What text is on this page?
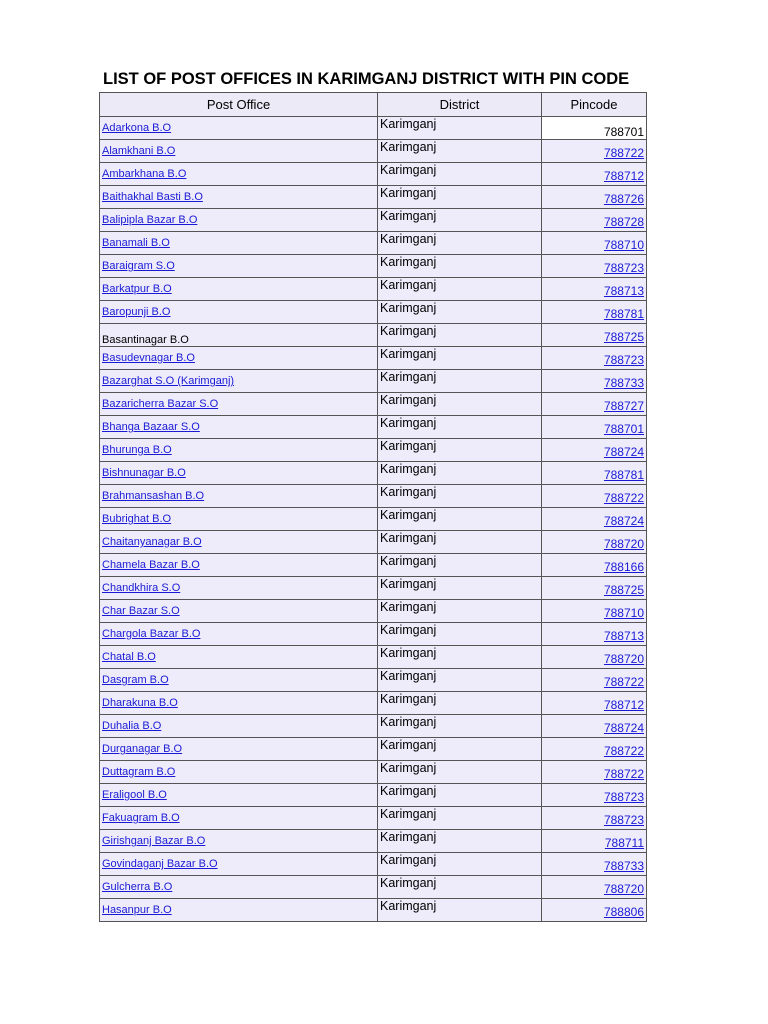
LIST OF POST OFFICES IN KARIMGANJ DISTRICT WITH PIN CODE
Post Office	District	Pincode
Adarkona B.O	Karimganj	788701
Alamkhani B.O	Karimganj	788722
Ambarkhana B.O	Karimganj	788712
Baithakhal Basti B.O	Karimganj	788726
Balipipla Bazar B.O	Karimganj	788728
Banamali B.O	Karimganj	788710
Baraigram S.O	Karimganj	788723
Barkatpur B.O	Karimganj	788713
Baropunji B.O	Karimganj	788781
Basantinagar B.O	Karimganj	788725
Basudevnagar B.O	Karimganj	788723
Bazarghat S.O (Karimganj)	Karimganj	788733
Bazaricherra Bazar S.O	Karimganj	788727
Bhanga Bazaar S.O	Karimganj	788701
Bhurunga B.O	Karimganj	788724
Bishnunagar B.O	Karimganj	788781
Brahmansashan B.O	Karimganj	788722
Bubrighat B.O	Karimganj	788724
Chaitanyanagar B.O	Karimganj	788720
Chamela Bazar B.O	Karimganj	788166
Chandkhira S.O	Karimganj	788725
Char Bazar S.O	Karimganj	788710
Chargola Bazar B.O	Karimganj	788713
Chatal B.O	Karimganj	788720
Dasgram B.O	Karimganj	788722
Dharakuna B.O	Karimganj	788712
Duhalia B.O	Karimganj	788724
Durganagar B.O	Karimganj	788722
Duttagram B.O	Karimganj	788722
Eraligool B.O	Karimganj	788723
Fakuagram B.O	Karimganj	788723
Girishganj Bazar B.O	Karimganj	788711
Govindaganj Bazar B.O	Karimganj	788733
Gulcherra B.O	Karimganj	788720
Hasanpur B.O	Karimganj	788806
